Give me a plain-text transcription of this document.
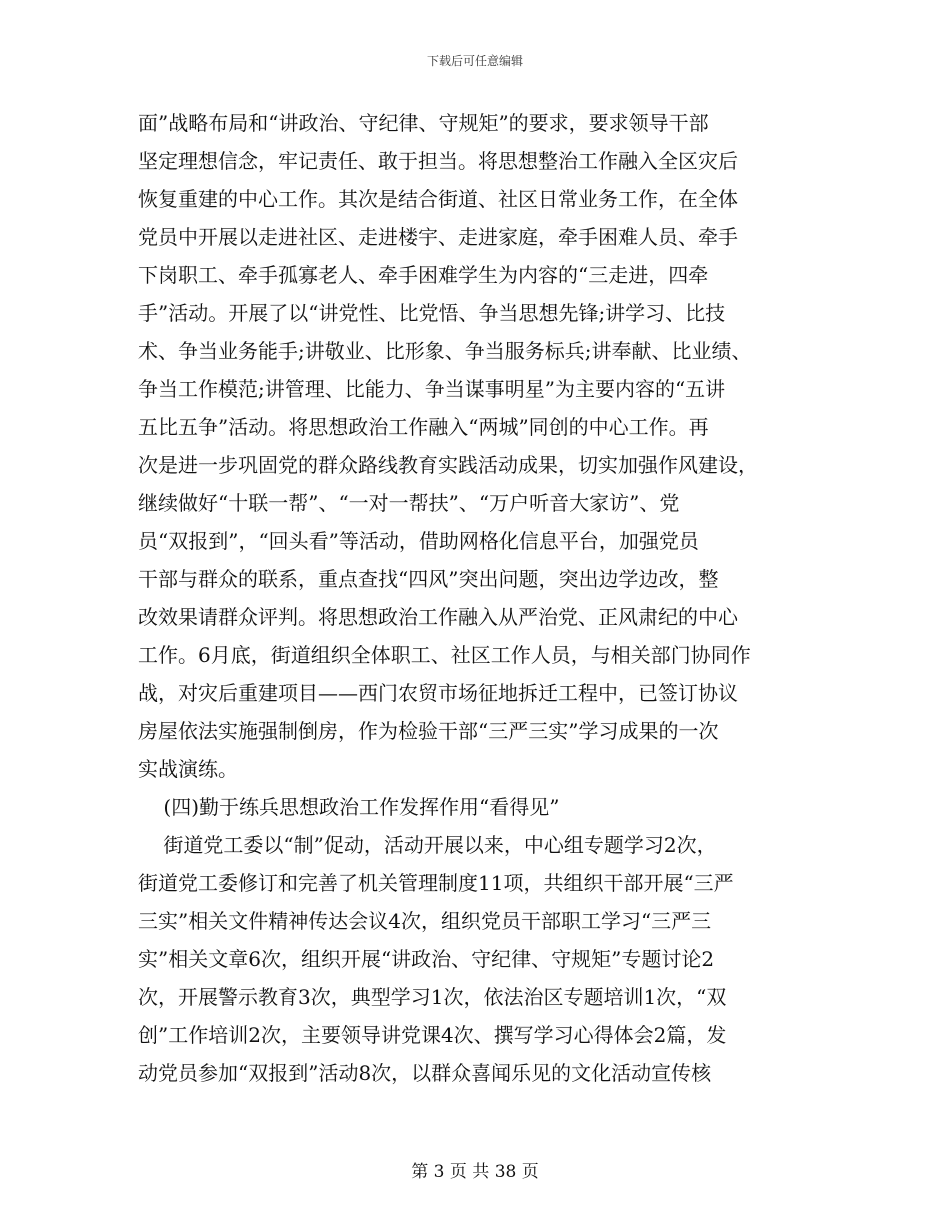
下载后可任意编辑
面”战略布局和“讲政治、守纪律、守规矩”的要求，要求领导干部
坚定理想信念，牢记责任、敢于担当。将思想整治工作融入全区灾后
恢复重建的中心工作。其次是结合街道、社区日常业务工作，在全体
党员中开展以走进社区、走进楼宇、走进家庭，牵手困难人员、牵手
下岗职工、牵手孤寡老人、牵手困难学生为内容的“三走进，四牵
手”活动。开展了以“讲党性、比党悟、争当思想先锋;讲学习、比技
术、争当业务能手;讲敬业、比形象、争当服务标兵;讲奉献、比业绩、
争当工作模范;讲管理、比能力、争当谋事明星”为主要内容的“五讲
五比五争”活动。将思想政治工作融入“两城”同创的中心工作。再
次是进一步巩固党的群众路线教育实践活动成果，切实加强作风建设，
继续做好“十联一帮”、“一对一帮扶”、“万户听音大家访”、党
员“双报到”，“回头看”等活动，借助网格化信息平台，加强党员
干部与群众的联系，重点查找“四风”突出问题，突出边学边改，整
改效果请群众评判。将思想政治工作融入从严治党、正风肃纪的中心
工作。6月底，街道组织全体职工、社区工作人员，与相关部门协同作
战，对灾后重建项目——西门农贸市场征地拆迁工程中，已签订协议
房屋依法实施强制倒房，作为检验干部“三严三实”学习成果的一次
实战演练。
(四)勤于练兵思想政治工作发挥作用“看得见”
街道党工委以“制”促动，活动开展以来，中心组专题学习2次，
街道党工委修订和完善了机关管理制度11项，共组织干部开展“三严
三实”相关文件精神传达会议4次，组织党员干部职工学习“三严三
实”相关文章6次，组织开展“讲政治、守纪律、守规矩”专题讨论2
次，开展警示教育3次，典型学习1次，依法治区专题培训1次，“双
创”工作培训2次，主要领导讲党课4次、撰写学习心得体会2篇，发
动党员参加“双报到”活动8次，以群众喜闻乐见的文化活动宣传核
第 3 页 共 38 页
